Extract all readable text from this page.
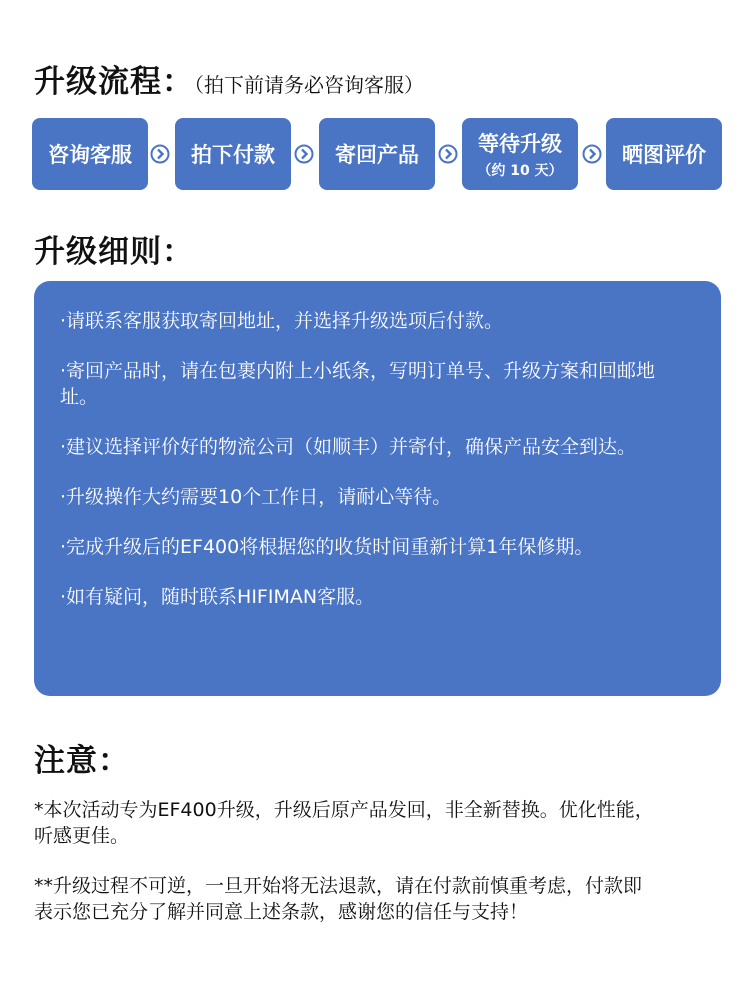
升级流程：（拍下前请务必咨询客服）
咨询客服	拍下付款	寄回产品	等待升级
（约 10 天）
晒图评价
升级细则：

·请联系客服获取寄回地址，并选择升级选项后付款。

·寄回产品时，请在包裹内附上小纸条，写明订单号、升级方案和回邮地址。

·建议选择评价好的物流公司（如顺丰）并寄付，确保产品安全到达。

·升级操作大约需要10个工作日，请耐心等待。

·完成升级后的EF400将根据您的收货时间重新计算1年保修期。

·如有疑问，随时联系HIFIMAN客服。

注意：
*本次活动专为EF400升级，升级后原产品发回，非全新替换。优化性能，听感更佳。
**升级过程不可逆，一旦开始将无法退款，请在付款前慎重考虑，付款即表示您已充分了解并同意上述条款，感谢您的信任与支持！
